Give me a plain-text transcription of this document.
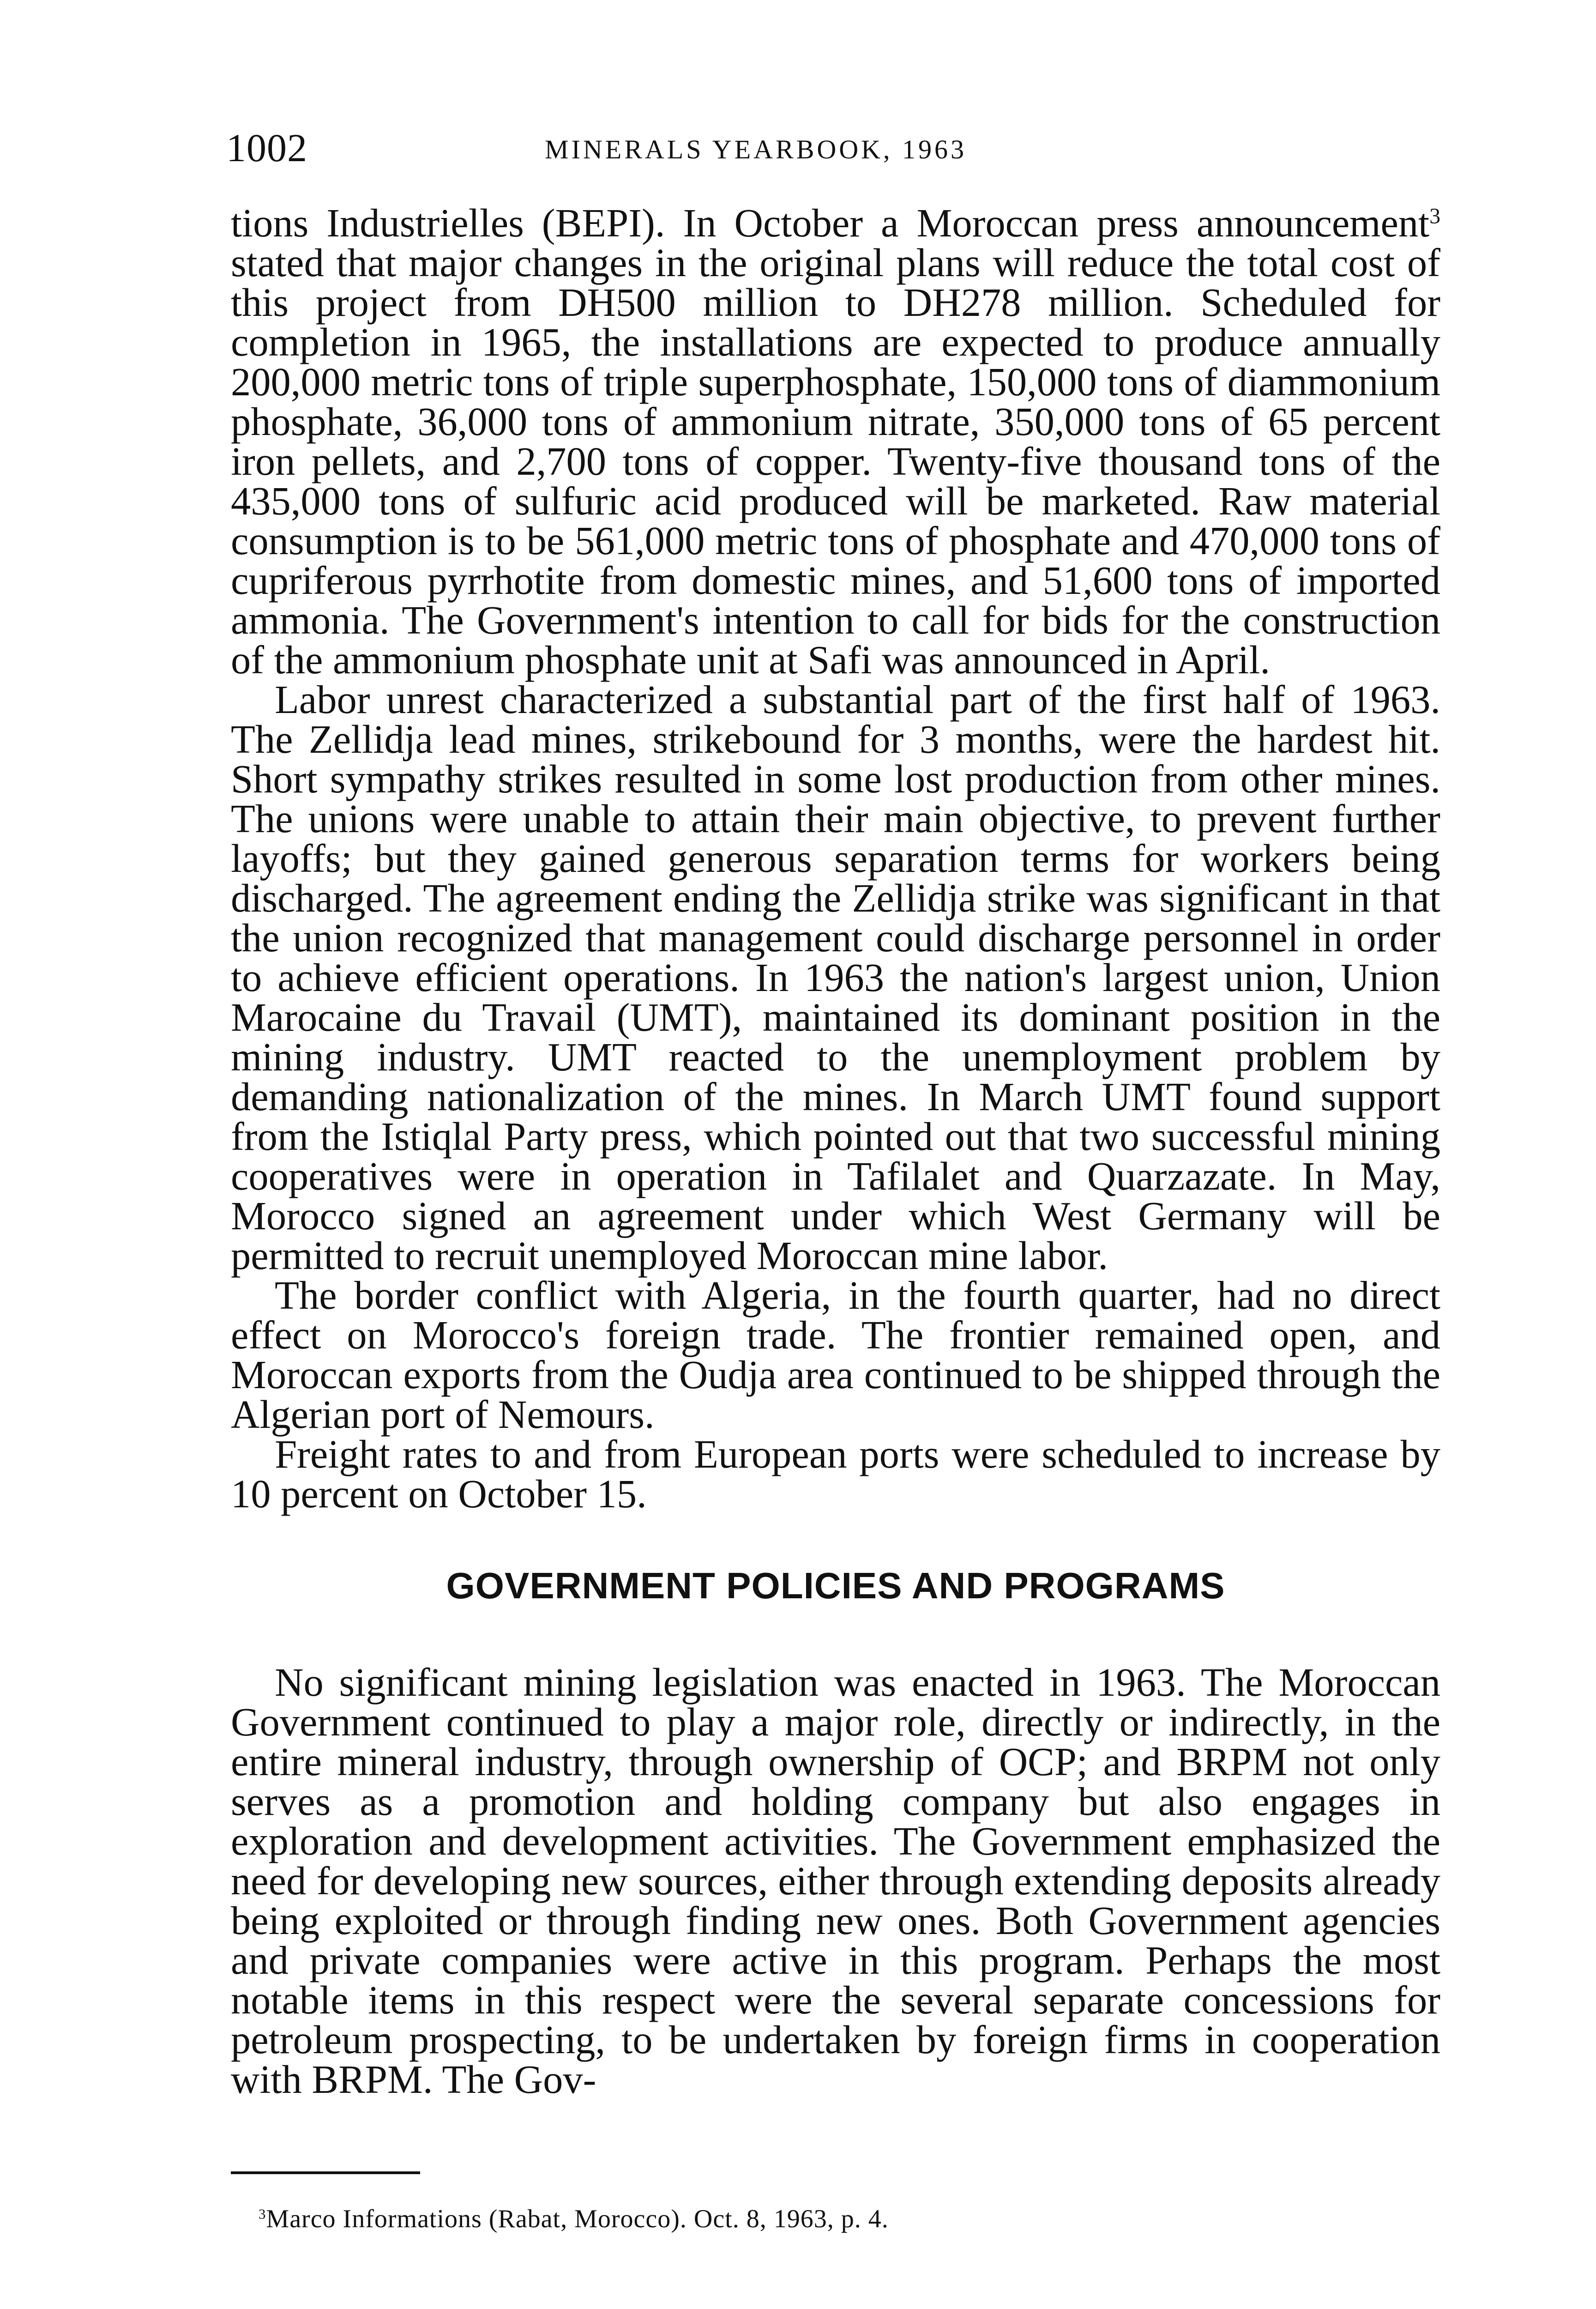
1002	MINERALS YEARBOOK, 1963

tions Industrielles (BEPI). In October a Moroccan press announcement$^3$ stated that major changes in the original plans will reduce the total cost of this project from DH500 million to DH278 million. Scheduled for completion in 1965, the installations are expected to produce annually 200,000 metric tons of triple superphosphate, 150,000 tons of diammonium phosphate, 36,000 tons of ammonium nitrate, 350,000 tons of 65 percent iron pellets, and 2,700 tons of copper. Twenty-five thousand tons of the 435,000 tons of sulfuric acid produced will be marketed. Raw material consumption is to be 561,000 metric tons of phosphate and 470,000 tons of cupriferous pyrrhotite from domestic mines, and 51,600 tons of imported ammonia. The Government's intention to call for bids for the construction of the ammonium phosphate unit at Safi was announced in April.

Labor unrest characterized a substantial part of the first half of 1963. The Zellidja lead mines, strikebound for 3 months, were the hardest hit. Short sympathy strikes resulted in some lost production from other mines. The unions were unable to attain their main objective, to prevent further layoffs; but they gained generous separation terms for workers being discharged. The agreement ending the Zellidja strike was significant in that the union recognized that management could discharge personnel in order to achieve efficient operations. In 1963 the nation's largest union, Union Marocaine du Travail (UMT), maintained its dominant position in the mining industry. UMT reacted to the unemployment problem by demanding nationalization of the mines. In March UMT found support from the Istiqlal Party press, which pointed out that two successful mining cooperatives were in operation in Tafilalet and Quarzazate. In May, Morocco signed an agreement under which West Germany will be permitted to recruit unemployed Moroccan mine labor.

The border conflict with Algeria, in the fourth quarter, had no direct effect on Morocco's foreign trade. The frontier remained open, and Moroccan exports from the Oudja area continued to be shipped through the Algerian port of Nemours.

Freight rates to and from European ports were scheduled to increase by 10 percent on October 15.

GOVERNMENT POLICIES AND PROGRAMS

No significant mining legislation was enacted in 1963. The Moroccan Government continued to play a major role, directly or indirectly, in the entire mineral industry, through ownership of OCP; and BRPM not only serves as a promotion and holding company but also engages in exploration and development activities. The Government emphasized the need for developing new sources, either through extending deposits already being exploited or through finding new ones. Both Government agencies and private companies were active in this program. Perhaps the most notable items in this respect were the several separate concessions for petroleum prospecting, to be undertaken by foreign firms in cooperation with BRPM. The Gov-

$^3$Marco Informations (Rabat, Morocco). Oct. 8, 1963, p. 4.
